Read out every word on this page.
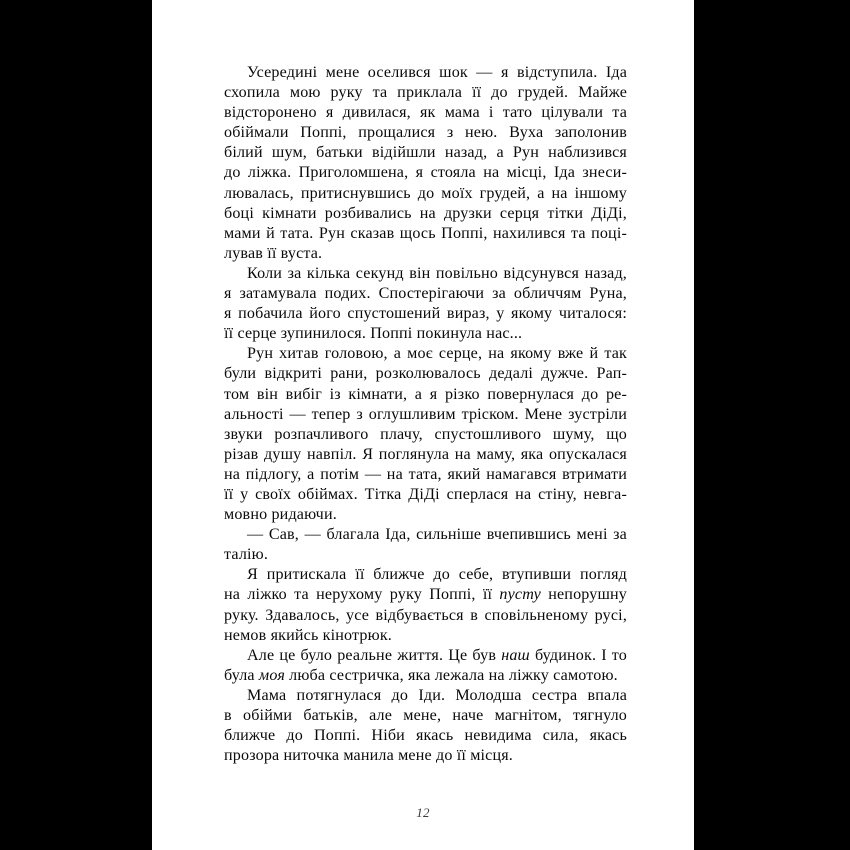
Усередині мене оселився шок — я відступила. Іда
схопила мою руку та приклала її до грудей. Майже
відсторонено я дивилася, як мама і тато цілували та
обіймали Поппі, прощалися з нею. Вуха заполонив
білий шум, батьки відійшли назад, а Рун наблизився
до ліжка. Приголомшена, я стояла на місці, Іда знеси-
лювалась, притиснувшись до моїх грудей, а на іншому
боці кімнати розбивались на друзки серця тітки ДіДі,
мами й тата. Рун сказав щось Поппі, нахилився та поці-
лував її вуста.

Коли за кілька секунд він повільно відсунувся назад,
я затамувала подих. Спостерігаючи за обличчям Руна,
я побачила його спустошений вираз, у якому читалося:
її серце зупинилося. Поппі покинула нас...

Рун хитав головою, а моє серце, на якому вже й так
були відкриті рани, розколювалось дедалі дужче. Рап-
том він вибіг із кімнати, а я різко повернулася до ре-
альності — тепер з оглушливим тріском. Мене зустріли
звуки розпачливого плачу, спустошливого шуму, що
різав душу навпіл. Я поглянула на маму, яка опускалася
на підлогу, а потім — на тата, який намагався втримати
її у своїх обіймах. Тітка ДіДі сперлася на стіну, невга-
мовно ридаючи.

— Сав, — благала Іда, сильніше вчепившись мені за
талію.

Я притискала її ближче до себе, втупивши погляд
на ліжко та нерухому руку Поппі, її пусту непорушну
руку. Здавалось, усе відбувається в сповільненому русі,
немов якийсь кінотрюк.

Але це було реальне життя. Це був наш будинок. І то
була моя люба сестричка, яка лежала на ліжку самотою.

Мама потягнулася до Іди. Молодша сестра впала
в обійми батьків, але мене, наче магнітом, тягнуло
ближче до Поппі. Ніби якась невидима сила, якась
прозора ниточка манила мене до її місця.

12
